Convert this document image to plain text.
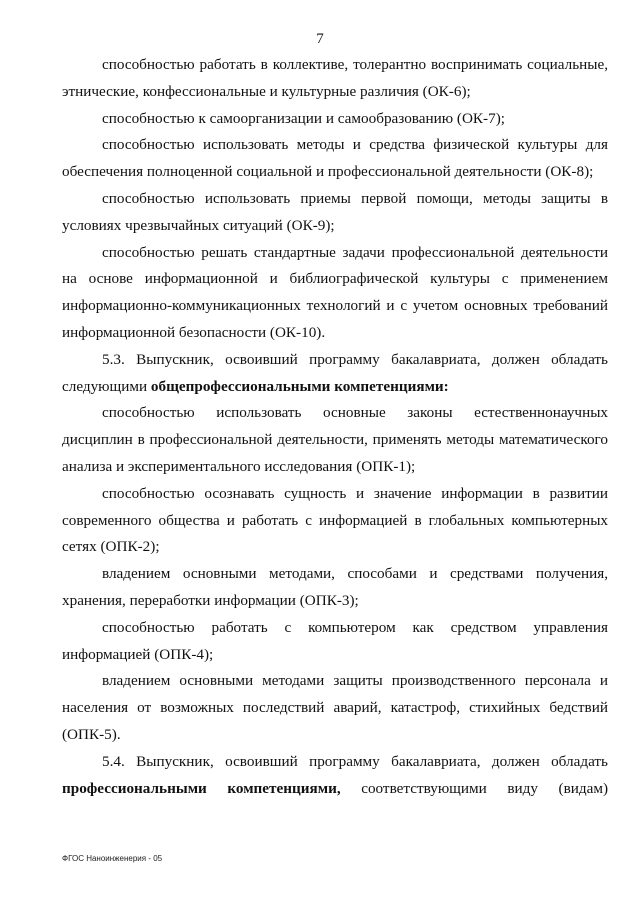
7

способностью работать в коллективе, толерантно воспринимать социальные, этнические, конфессиональные и культурные различия (ОК-6);

способностью к самоорганизации и самообразованию (ОК-7);

способностью использовать методы и средства физической культуры для обеспечения полноценной социальной и профессиональной деятельности (ОК-8);

способностью использовать приемы первой помощи, методы защиты в условиях чрезвычайных ситуаций (ОК-9);

способностью решать стандартные задачи профессиональной деятельности на основе информационной и библиографической культуры с применением информационно-коммуникационных технологий и с учетом основных требований информационной безопасности (ОК-10).

5.3. Выпускник, освоивший программу бакалавриата, должен обладать следующими общепрофессиональными компетенциями:

способностью использовать основные законы естественнонаучных дисциплин в профессиональной деятельности, применять методы математического анализа и экспериментального исследования (ОПК-1);

способностью осознавать сущность и значение информации в развитии современного общества и работать с информацией в глобальных компьютерных сетях (ОПК-2);

владением основными методами, способами и средствами получения, хранения, переработки информации (ОПК-3);

способностью работать с компьютером как средством управления информацией (ОПК-4);

владением основными методами защиты производственного персонала и населения от возможных последствий аварий, катастроф, стихийных бедствий (ОПК-5).

5.4. Выпускник, освоивший программу бакалавриата, должен обладать профессиональными компетенциями, соответствующими виду (видам)

ФГОС Наноинженерия - 05
